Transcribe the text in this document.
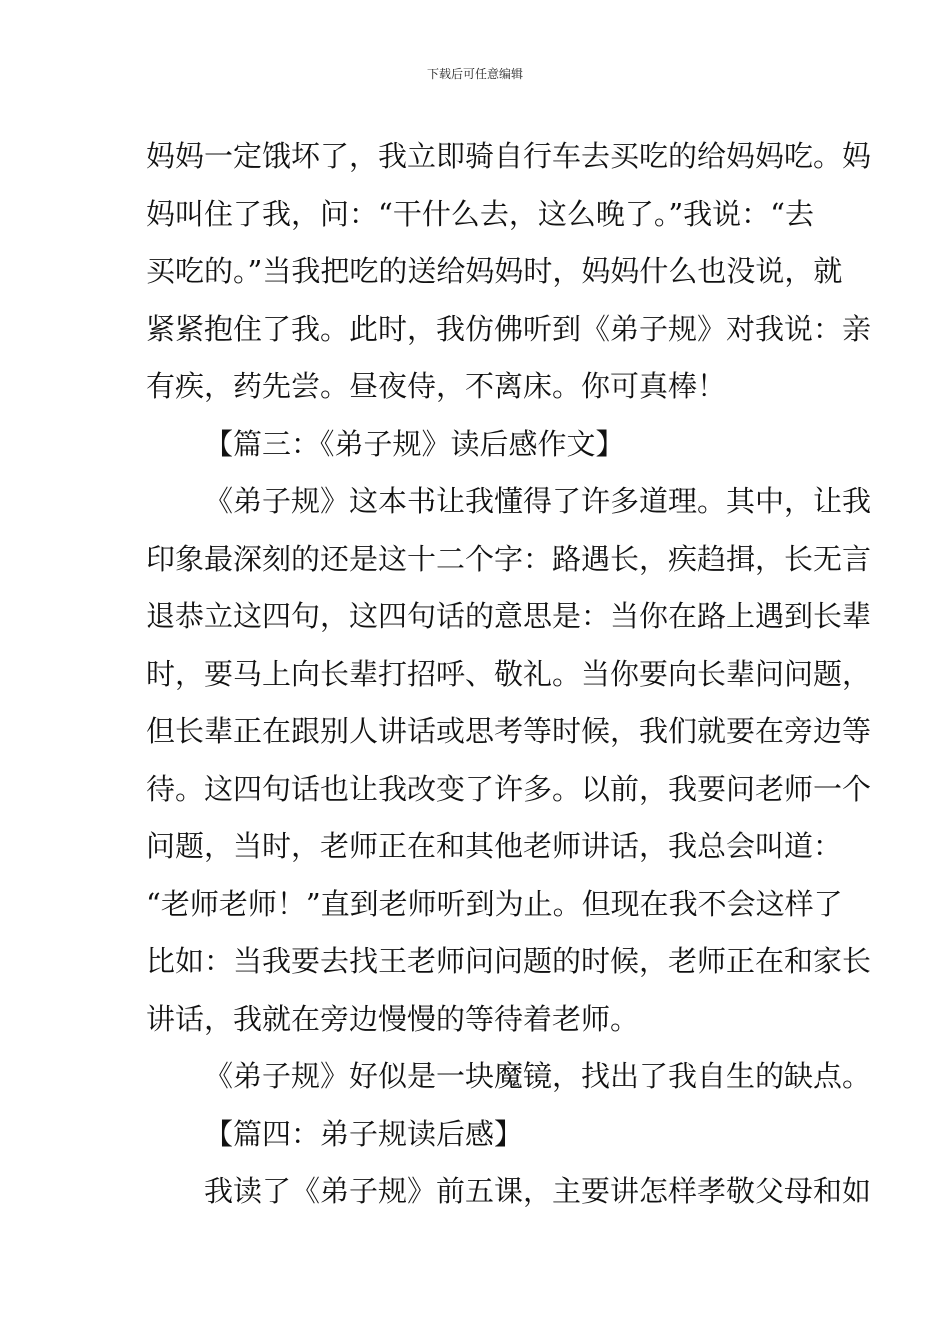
下载后可任意编辑
妈妈一定饿坏了，我立即骑自行车去买吃的给妈妈吃。妈
妈叫住了我，问：“干什么去，这么晚了。”我说：“去
买吃的。”当我把吃的送给妈妈时，妈妈什么也没说，就
紧紧抱住了我。此时，我仿佛听到《弟子规》对我说：亲
有疾，药先尝。昼夜侍，不离床。你可真棒！
【篇三：《弟子规》读后感作文】
《弟子规》这本书让我懂得了许多道理。其中，让我
印象最深刻的还是这十二个字：路遇长，疾趋揖，长无言
退恭立这四句，这四句话的意思是：当你在路上遇到长辈
时，要马上向长辈打招呼、敬礼。当你要向长辈问问题，
但长辈正在跟别人讲话或思考等时候，我们就要在旁边等
待。这四句话也让我改变了许多。以前，我要问老师一个
问题，当时，老师正在和其他老师讲话，我总会叫道：
“老师老师！”直到老师听到为止。但现在我不会这样了
比如：当我要去找王老师问问题的时候，老师正在和家长
讲话，我就在旁边慢慢的等待着老师。
《弟子规》好似是一块魔镜，找出了我自生的缺点。
【篇四：弟子规读后感】
我读了《弟子规》前五课，主要讲怎样孝敬父母和如
